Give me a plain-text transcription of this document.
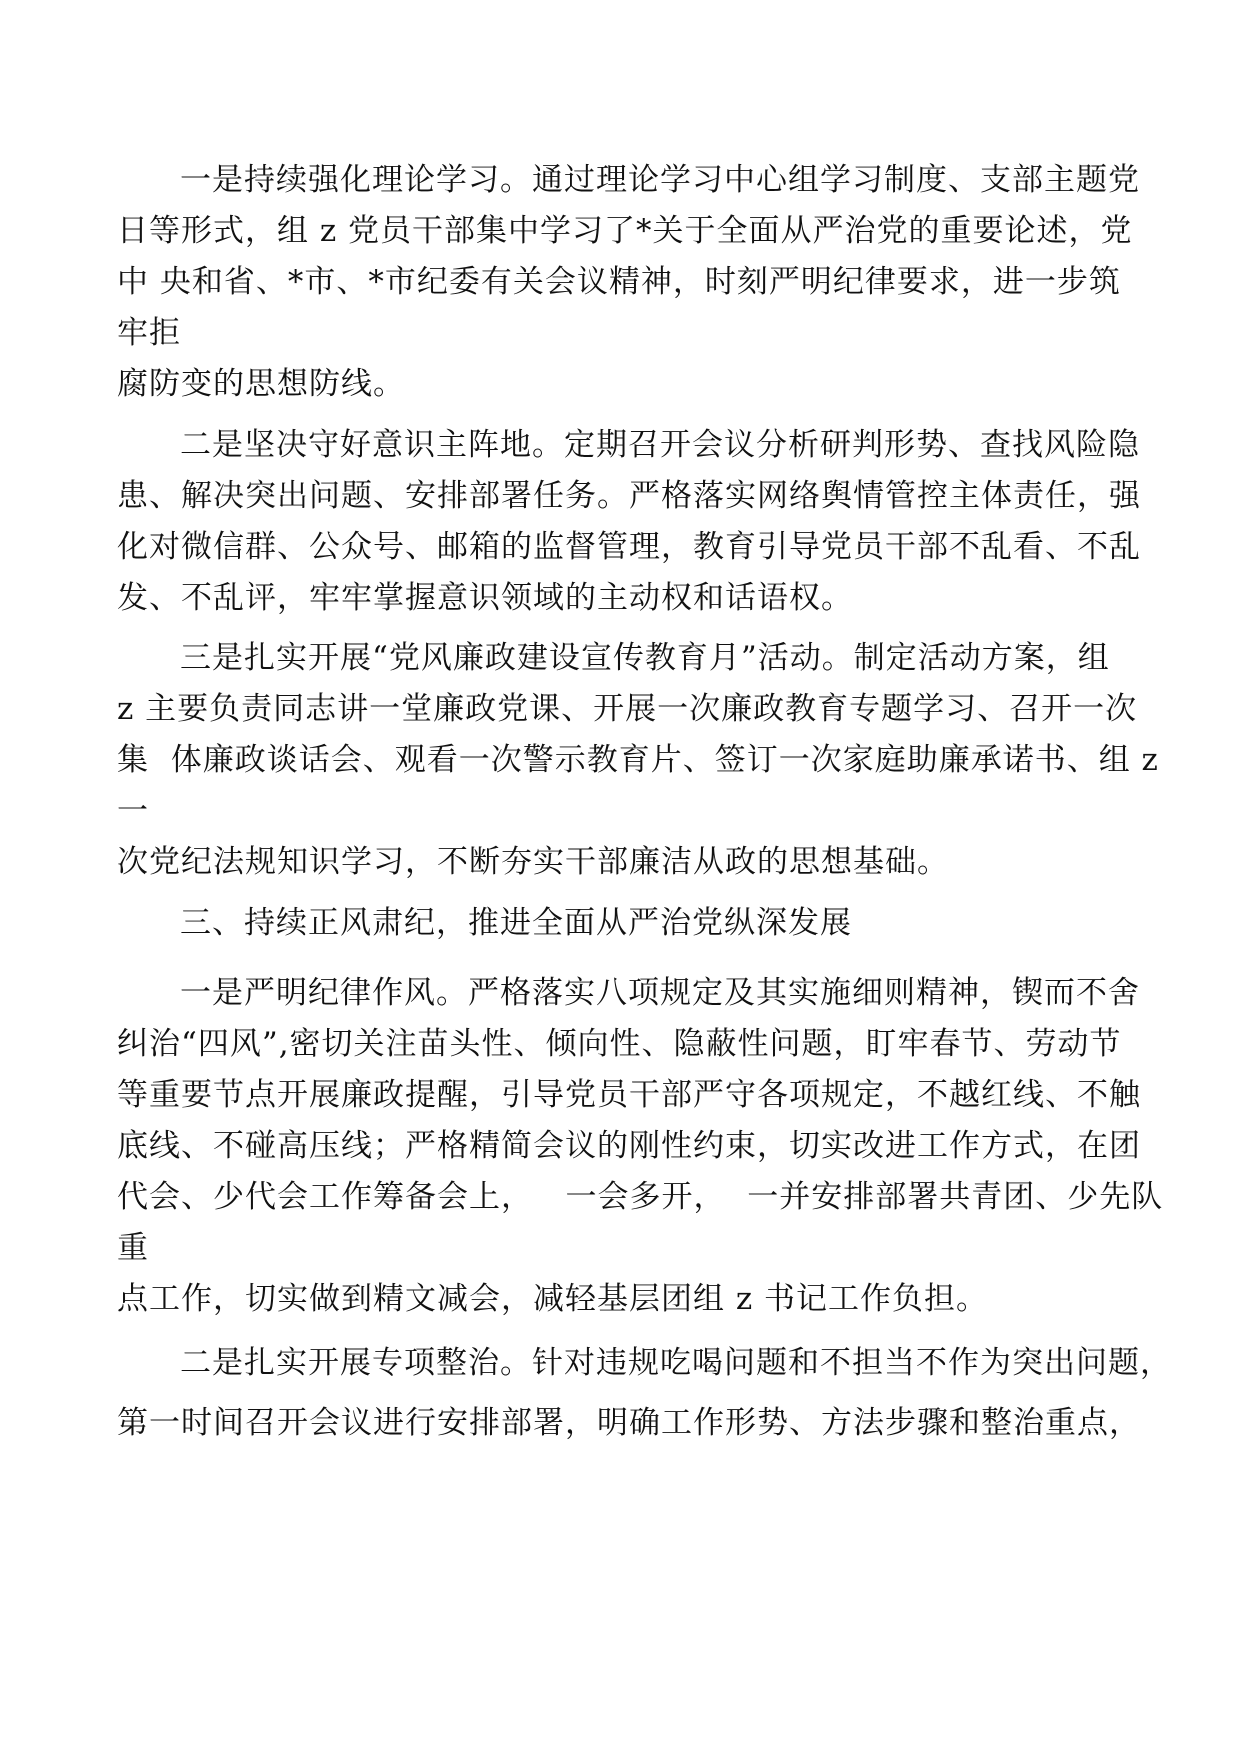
一是持续强化理论学习。通过理论学习中心组学习制度、支部主题党
日等形式，组 z 党员干部集中学习了*关于全面从严治党的重要论述，党
中 央和省、*市、*市纪委有关会议精神，时刻严明纪律要求，进一步筑
牢拒
腐防变的思想防线。
二是坚决守好意识主阵地。定期召开会议分析研判形势、查找风险隐
患、解决突出问题、安排部署任务。严格落实网络舆情管控主体责任，强
化对微信群、公众号、邮箱的监督管理，教育引导党员干部不乱看、不乱
发、不乱评，牢牢掌握意识领域的主动权和话语权。
三是扎实开展“党风廉政建设宣传教育月”活动。制定活动方案，组
z 主要负责同志讲一堂廉政党课、开展一次廉政教育专题学习、召开一次
集  体廉政谈话会、观看一次警示教育片、签订一次家庭助廉承诺书、组 z
一
次党纪法规知识学习，不断夯实干部廉洁从政的思想基础。
三、持续正风肃纪，推进全面从严治党纵深发展
一是严明纪律作风。严格落实八项规定及其实施细则精神，锲而不舍
纠治“四风”,密切关注苗头性、倾向性、隐蔽性问题，盯牢春节、劳动节
等重要节点开展廉政提醒，引导党员干部严守各项规定，不越红线、不触
底线、不碰高压线；严格精简会议的刚性约束，切实改进工作方式，在团
代会、少代会工作筹备会上，   一会多开，  一并安排部署共青团、少先队
重
点工作，切实做到精文减会，减轻基层团组 z 书记工作负担。
二是扎实开展专项整治。针对违规吃喝问题和不担当不作为突出问题，
第一时间召开会议进行安排部署，明确工作形势、方法步骤和整治重点，
